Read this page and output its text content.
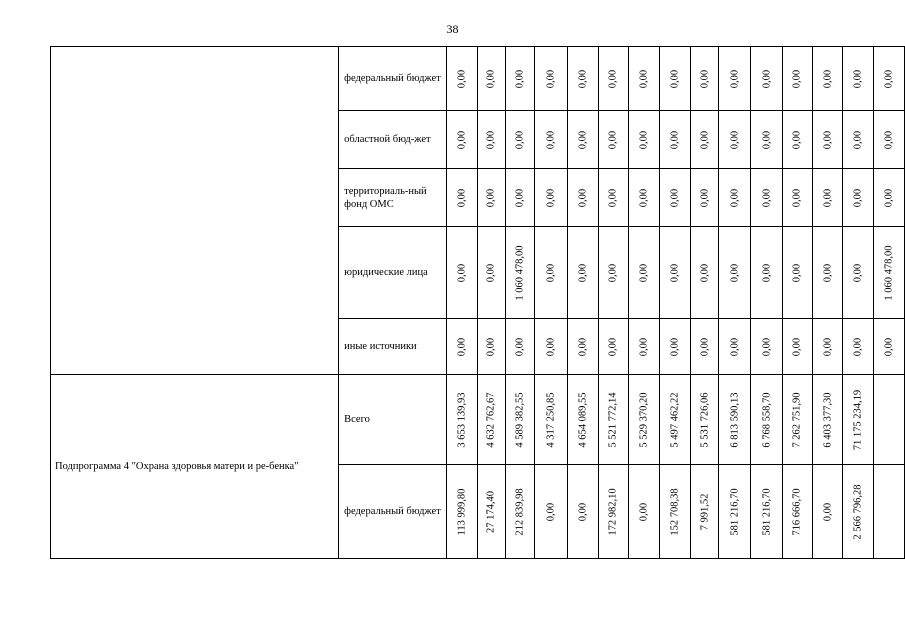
38
	федеральный бюджет	0,00	0,00	0,00	0,00	0,00	0,00	0,00	0,00	0,00	0,00	0,00	0,00	0,00	0,00	0,00

	областной бюд-жет	0,00	0,00	0,00	0,00	0,00	0,00	0,00	0,00	0,00	0,00	0,00	0,00	0,00	0,00	0,00

	территориаль-ный фонд ОМС	0,00	0,00	0,00	0,00	0,00	0,00	0,00	0,00	0,00	0,00	0,00	0,00	0,00	0,00	0,00

	юридические лица	0,00	0,00	1 060 478,00	0,00	0,00	0,00	0,00	0,00	0,00	0,00	0,00	0,00	0,00	0,00	1 060 478,00

	иные источники	0,00	0,00	0,00	0,00	0,00	0,00	0,00	0,00	0,00	0,00	0,00	0,00	0,00	0,00	0,00

Подпрограмма 4 "Охрана здоровья матери и ре-бенка"	Всего	3 653 139,93	4 632 762,67	4 589 382,55	4 317 250,85	4 654 089,55	5 521 772,14	5 529 370,20	5 497 462,22	5 531 726,06	6 813 590,13	6 768 558,70	7 262 751,90	6 403 377,30	71 175 234,19	

	федеральный бюджет	113 999,80	27 174,40	212 839,98	0,00	0,00	172 982,10	0,00	152 708,38	7 991,52	581 216,70	581 216,70	716 666,70	0,00	2 566 796,28	
